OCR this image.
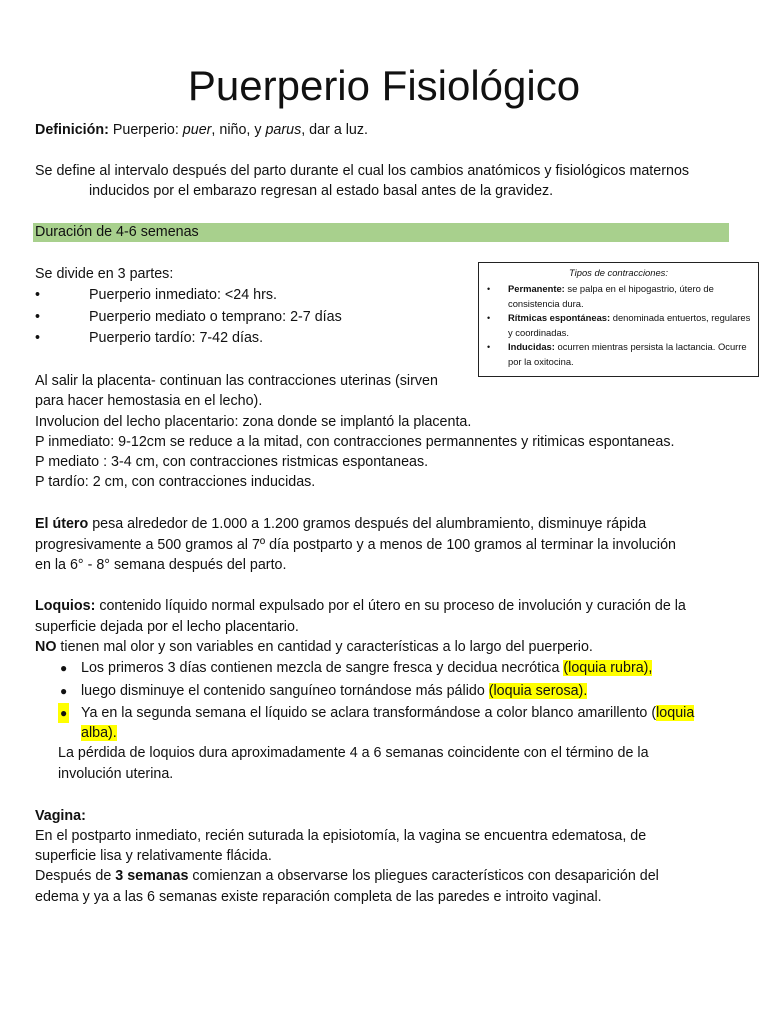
Puerperio Fisiológico
Definición: Puerperio: puer, niño, y parus, dar a luz.
Se define al intervalo después del parto durante el cual los cambios anatómicos y fisiológicos maternos
inducidos por el embarazo regresan al estado basal antes de la gravidez.
Duración de 4-6 semenas
Se divide en 3 partes:
•	Puerperio inmediato: <24 hrs.
•	Puerperio mediato o temprano: 2-7 días
•	Puerperio tardío: 7-42 días.
Tipos de contracciones:
• Permanente: se palpa en el hipogastrio, útero de consistencia dura.
• Rítmicas espontáneas: denominada entuertos, regulares y coordinadas.
• Inducidas: ocurren mientras persista la lactancia. Ocurre por la oxitocina.
Al salir la placenta- continuan las contracciones uterinas (sirven
para hacer hemostasia en el lecho).
Involucion del lecho placentario: zona donde se implantó la placenta.
P inmediato: 9-12cm se reduce a la mitad, con contracciones permannentes y ritimicas espontaneas.
P mediato : 3-4 cm, con contracciones ristmicas espontaneas.
P tardío: 2 cm, con contracciones inducidas.
El útero pesa alrededor de 1.000 a 1.200 gramos después del alumbramiento, disminuye rápida
progresivamente a 500 gramos al 7º día postparto y a menos de 100 gramos al terminar la involución
en la 6° - 8° semana después del parto.
Loquios: contenido líquido normal expulsado por el útero en su proceso de involución y curación de la
superficie dejada por el lecho placentario.
NO tienen mal olor y son variables en cantidad y características a lo largo del puerperio.
● Los primeros 3 días contienen mezcla de sangre fresca y decidua necrótica (loquia rubra),
● luego disminuye el contenido sanguíneo tornándose más pálido (loquia serosa).
● Ya en la segunda semana el líquido se aclara transformándose a color blanco amarillento (loquia
alba).
La pérdida de loquios dura aproximadamente 4 a 6 semanas coincidente con el término de la
involución uterina.
Vagina:
En el postparto inmediato, recién suturada la episiotomía, la vagina se encuentra edematosa, de
superficie lisa y relativamente flácida.
Después de 3 semanas comienzan a observarse los pliegues característicos con desaparición del
edema y ya a las 6 semanas existe reparación completa de las paredes e introito vaginal.
